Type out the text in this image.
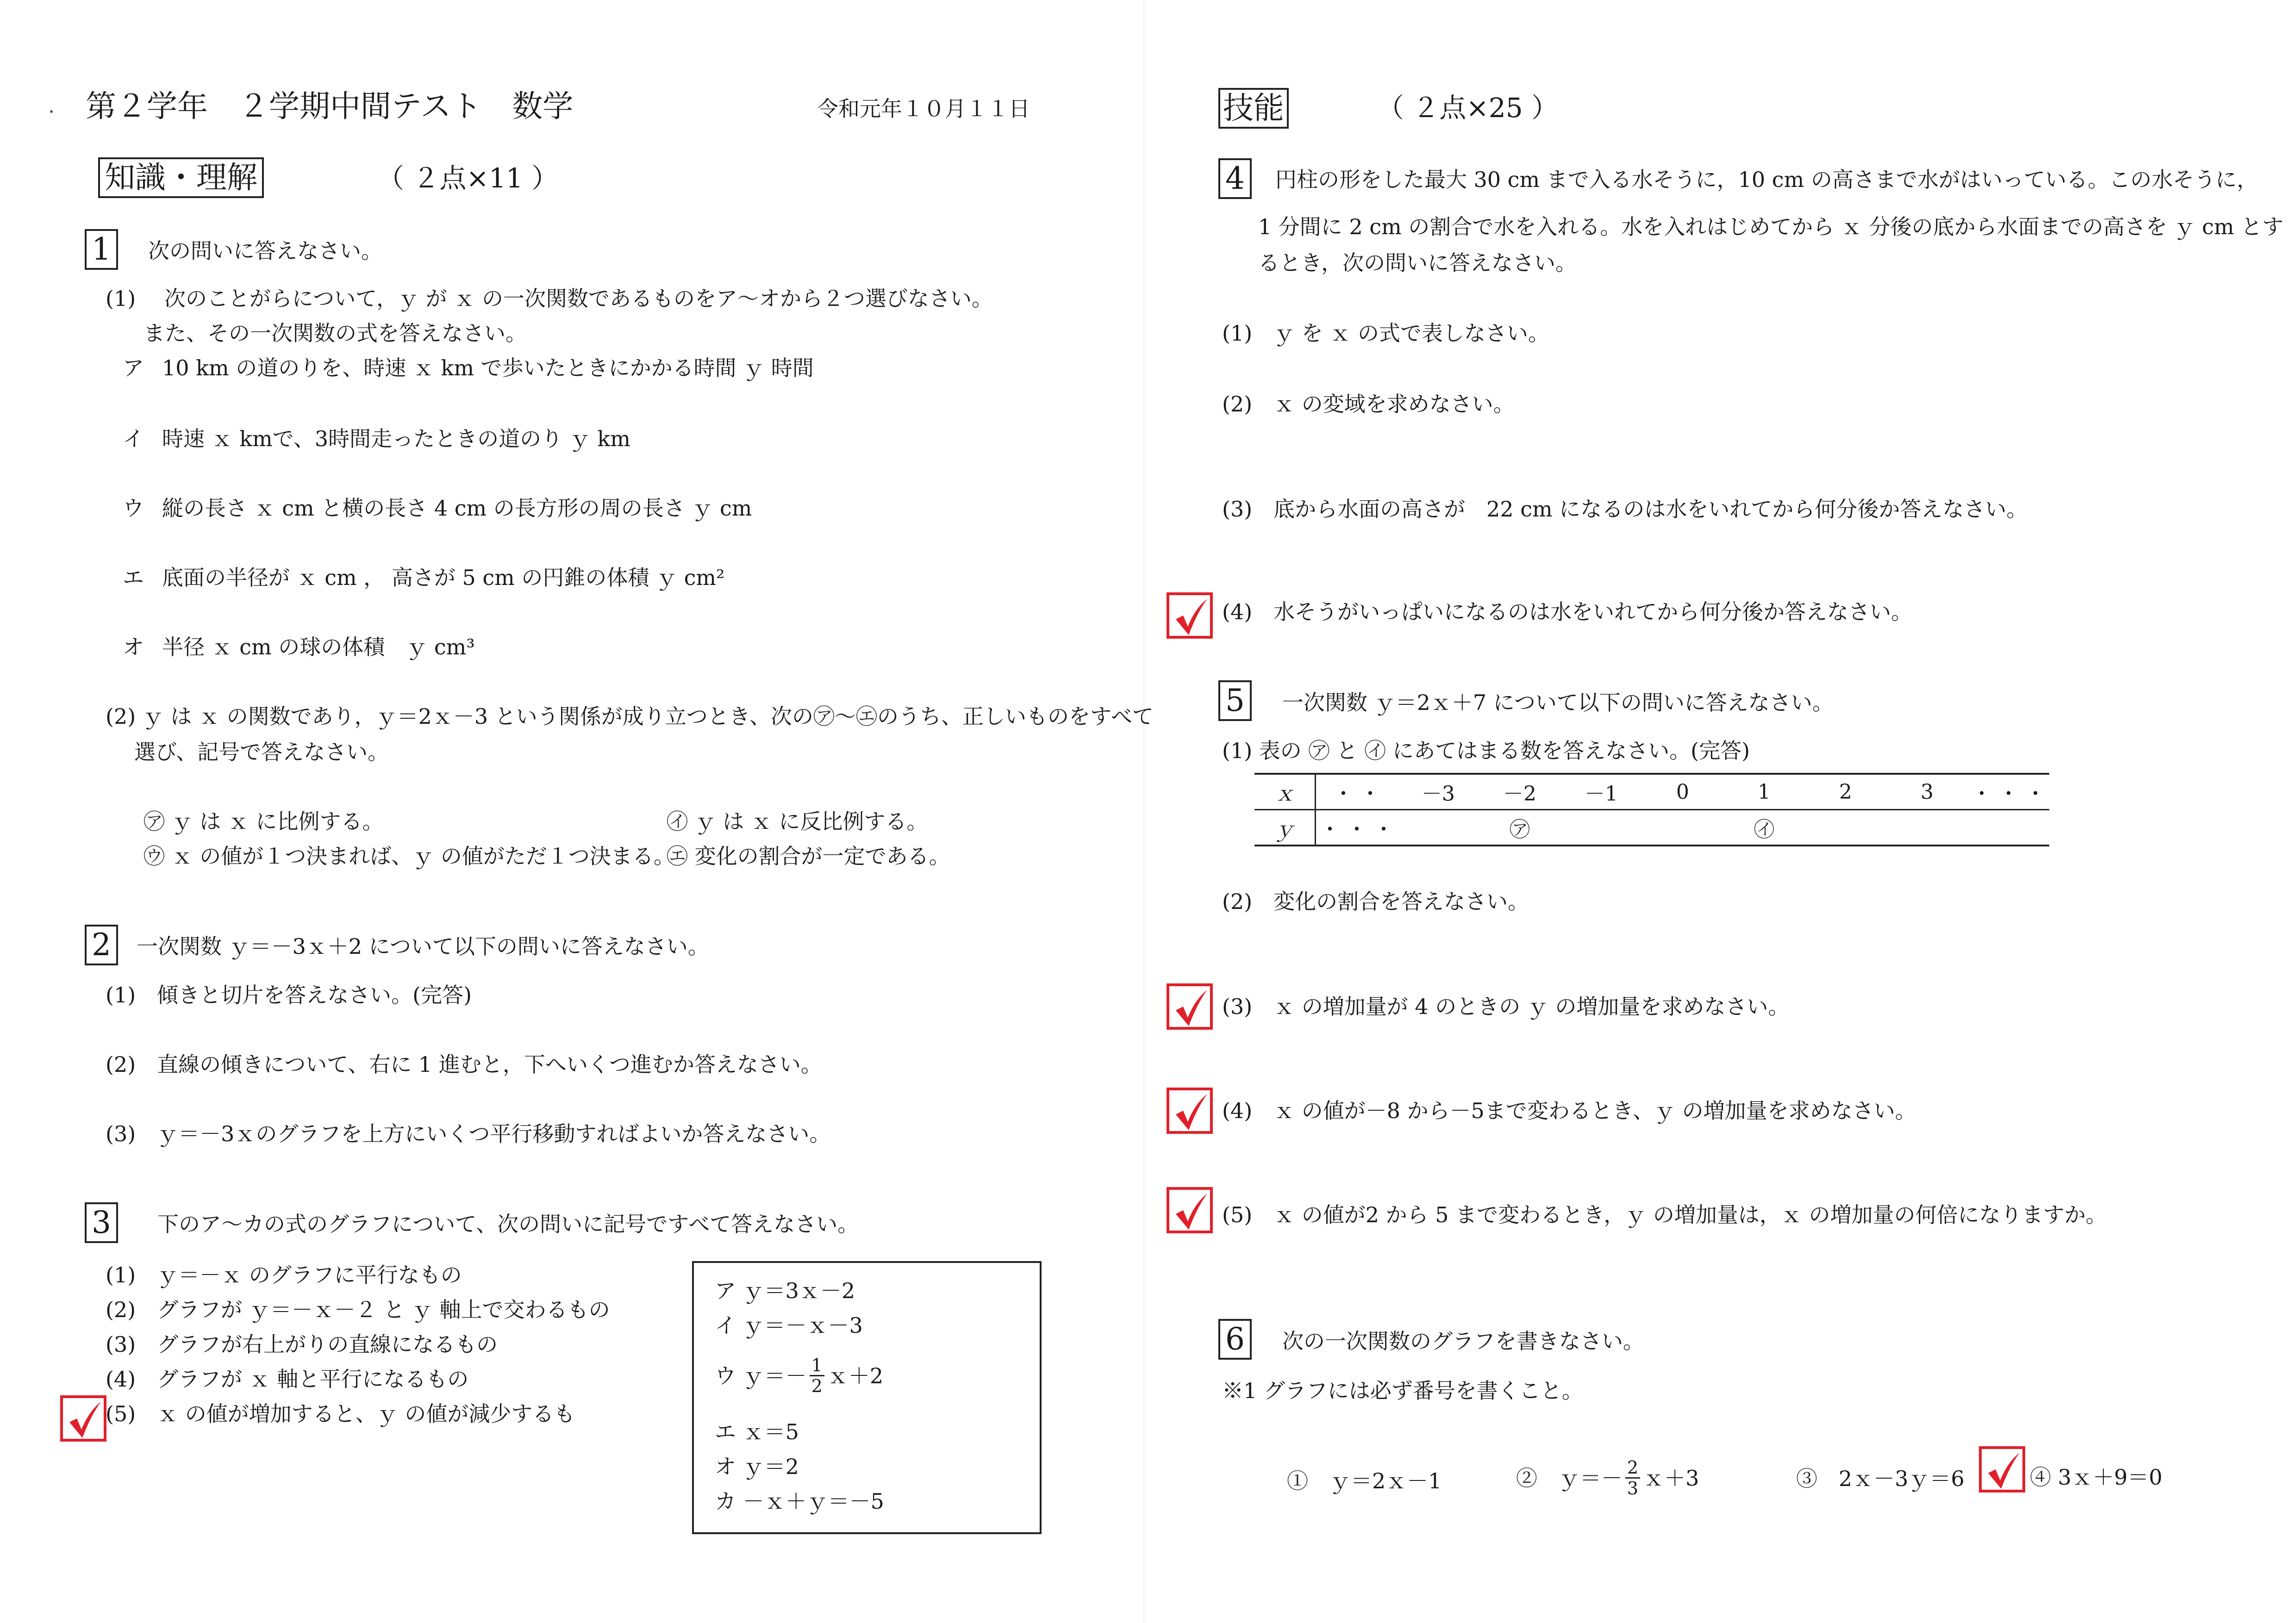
第２学年　２学期中間テスト　数学	令和元年１０月１１日
知識・理解	（ ２点×11 ）
1	次の問いに答えなさい。
(1) 次のことがらについて，ｙ が ｘ の一次関数であるものをア～オから２つ選びなさい。
また、その一次関数の式を答えなさい。
ア 10 km の道のりを、時速 ｘ km で歩いたときにかかる時間 ｙ 時間
イ 時速 ｘ kmで、3時間走ったときの道のり ｙ km
ウ 縦の長さ ｘ cm と横の長さ 4 cm の長方形の周の長さ ｙ cm
エ 底面の半径が ｘ cm ， 高さが 5 cm の円錐の体積 ｙ cm²
オ 半径 ｘ cm の球の体積　ｙ cm³
(2) ｙ は ｘ の関数であり，ｙ＝2ｘ－3 という関係が成り立つとき、次の㋐～㋓のうち、正しいものをすべて
選び、記号で答えなさい。
㋐ ｙ は ｘ に比例する。	㋑ ｙ は ｘ に反比例する。
㋒ ｘ の値が１つ決まれば、ｙ の値がただ１つ決まる。
㋓ 変化の割合が一定である。
2	一次関数 ｙ＝－3ｘ＋2 について以下の問いに答えなさい。
(1)　傾きと切片を答えなさい。(完答)
(2)　直線の傾きについて、右に 1 進むと，下へいくつ進むか答えなさい。
(3)　ｙ＝－3ｘのグラフを上方にいくつ平行移動すればよいか答えなさい。
3	下のア～カの式のグラフについて、次の問いに記号ですべて答えなさい。
(1)　ｙ＝－ｘ のグラフに平行なもの
(2)　グラフが ｙ＝－ｘ－２ と ｙ 軸上で交わるもの
(3)　グラフが右上がりの直線になるもの
(4)　グラフが ｘ 軸と平行になるもの
(5)　ｘ の値が増加すると、ｙ の値が減少するも
ア ｙ＝3ｘ－2
イ ｙ＝－ｘ－3
ウ ｙ＝－ $\frac{1}{2}$ ｘ＋2
エ ｘ＝5
オ ｙ＝2
カ －ｘ＋ｙ＝－5
技能	（ ２点×25 ）
4	円柱の形をした最大 30 cm まで入る水そうに，10 cm の高さまで水がはいっている。この水そうに，
1 分間に 2 cm の割合で水を入れる。水を入れはじめてから ｘ 分後の底から水面までの高さを ｙ cm とす
るとき，次の問いに答えなさい。
(1)　ｙ を ｘ の式で表しなさい。
(2)　ｘ の変域を求めなさい。
(3)　底から水面の高さが　22 cm になるのは水をいれてから何分後か答えなさい。
(4)　水そうがいっぱいになるのは水をいれてから何分後か答えなさい。
5	一次関数 ｙ＝2ｘ＋7 について以下の問いに答えなさい。
(1) 表の ㋐ と ㋑ にあてはまる数を答えなさい。(完答)
ｘ	・ ・	－3	－2	－1	0	1	2	3	・ ・ ・
ｙ	・ ・ ・		㋐			㋑			
(2)　変化の割合を答えなさい。
(3)　ｘ の増加量が 4 のときの ｙ の増加量を求めなさい。
(4)　ｘ の値が－8 から－5まで変わるとき、ｙ の増加量を求めなさい。
(5)　ｘ の値が2 から 5 まで変わるとき，ｙ の増加量は，ｘ の増加量の何倍になりますか。
6	次の一次関数のグラフを書きなさい。
※1 グラフには必ず番号を書くこと。
①　ｙ＝2ｘ－1	②　ｙ＝－ $\frac{2}{3}$ ｘ＋3	③　2ｘ－3ｙ＝6	④ 3ｘ＋9＝0
